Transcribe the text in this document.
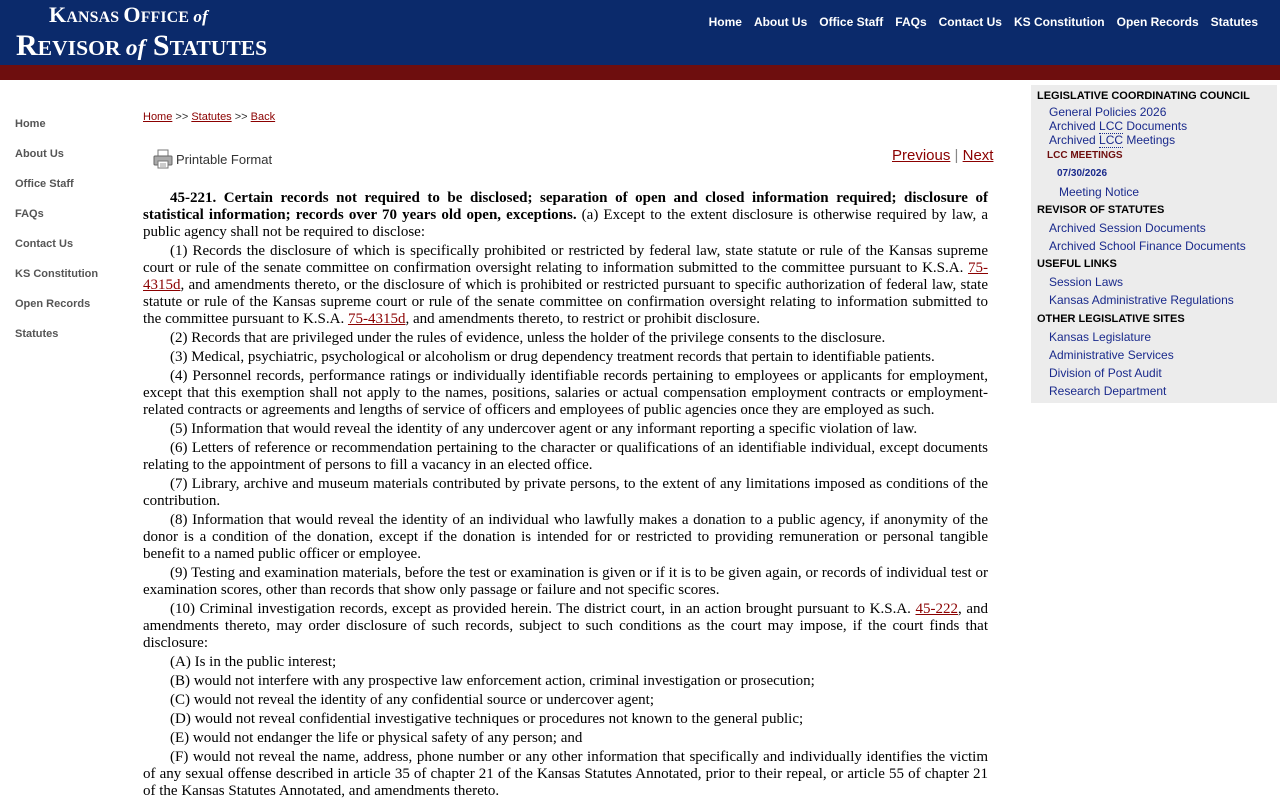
KANSAS OFFICE of
REVISOR of STATUTES
Home About Us Office Staff FAQs Contact Us KS Constitution Open Records Statutes
Home
About Us
Office Staff
FAQs
Contact Us
KS Constitution
Open Records
Statutes
Home >> Statutes >> Back
Printable Format	Previous | Next

45-221. Certain records not required to be disclosed; separation of open and closed information required; disclosure of statistical information; records over 70 years old open, exceptions. (a) Except to the extent disclosure is otherwise required by law, a public agency shall not be required to disclose:

(1) Records the disclosure of which is specifically prohibited or restricted by federal law, state statute or rule of the Kansas supreme court or rule of the senate committee on confirmation oversight relating to information submitted to the committee pursuant to K.S.A. 75-4315d, and amendments thereto, or the disclosure of which is prohibited or restricted pursuant to specific authorization of federal law, state statute or rule of the Kansas supreme court or rule of the senate committee on confirmation oversight relating to information submitted to the committee pursuant to K.S.A. 75-4315d, and amendments thereto, to restrict or prohibit disclosure.

(2) Records that are privileged under the rules of evidence, unless the holder of the privilege consents to the disclosure.

(3) Medical, psychiatric, psychological or alcoholism or drug dependency treatment records that pertain to identifiable patients.

(4) Personnel records, performance ratings or individually identifiable records pertaining to employees or applicants for employment, except that this exemption shall not apply to the names, positions, salaries or actual compensation employment contracts or employment-related contracts or agreements and lengths of service of officers and employees of public agencies once they are employed as such.

(5) Information that would reveal the identity of any undercover agent or any informant reporting a specific violation of law.

(6) Letters of reference or recommendation pertaining to the character or qualifications of an identifiable individual, except documents relating to the appointment of persons to fill a vacancy in an elected office.

(7) Library, archive and museum materials contributed by private persons, to the extent of any limitations imposed as conditions of the contribution.

(8) Information that would reveal the identity of an individual who lawfully makes a donation to a public agency, if anonymity of the donor is a condition of the donation, except if the donation is intended for or restricted to providing remuneration or personal tangible benefit to a named public officer or employee.

(9) Testing and examination materials, before the test or examination is given or if it is to be given again, or records of individual test or examination scores, other than records that show only passage or failure and not specific scores.

(10) Criminal investigation records, except as provided herein. The district court, in an action brought pursuant to K.S.A. 45-222, and amendments thereto, may order disclosure of such records, subject to such conditions as the court may impose, if the court finds that disclosure:

(A) Is in the public interest;

(B) would not interfere with any prospective law enforcement action, criminal investigation or prosecution;

(C) would not reveal the identity of any confidential source or undercover agent;

(D) would not reveal confidential investigative techniques or procedures not known to the general public;

(E) would not endanger the life or physical safety of any person; and

(F) would not reveal the name, address, phone number or any other information that specifically and individually identifies the victim of any sexual offense described in article 35 of chapter 21 of the Kansas Statutes Annotated, prior to their repeal, or article 55 of chapter 21 of the Kansas Statutes Annotated, and amendments thereto.

LEGISLATIVE COORDINATING COUNCIL
General Policies 2026
Archived LCC Documents
Archived LCC Meetings
LCC MEETINGS
07/30/2026
Meeting Notice
REVISOR OF STATUTES
Archived Session Documents
Archived School Finance Documents
USEFUL LINKS
Session Laws
Kansas Administrative Regulations
OTHER LEGISLATIVE SITES
Kansas Legislature
Administrative Services
Division of Post Audit
Research Department
